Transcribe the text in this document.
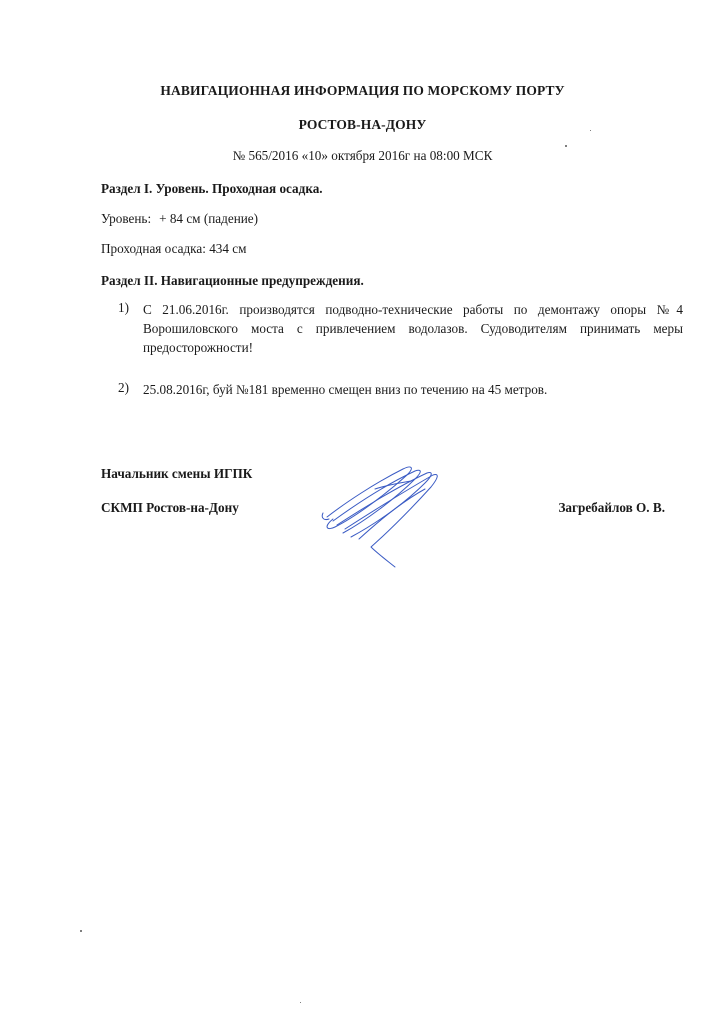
НАВИГАЦИОННАЯ ИНФОРМАЦИЯ ПО МОРСКОМУ ПОРТУ
РОСТОВ-НА-ДОНУ
№ 565/2016 «10» октября 2016г на 08:00 МСК
Раздел I. Уровень. Проходная осадка.
Уровень: + 84 см (падение)
Проходная осадка: 434 см
Раздел II. Навигационные предупреждения.
1) С 21.06.2016г. производятся подводно-технические работы по демонтажу опоры №4 Ворошиловского моста с привлечением водолазов. Судоводителям принимать меры предосторожности!
2) 25.08.2016г, буй №181 временно смещен вниз по течению на 45 метров.
Начальник смены ИГПК
СКМП Ростов-на-Дону	Загребайлов О. В.
